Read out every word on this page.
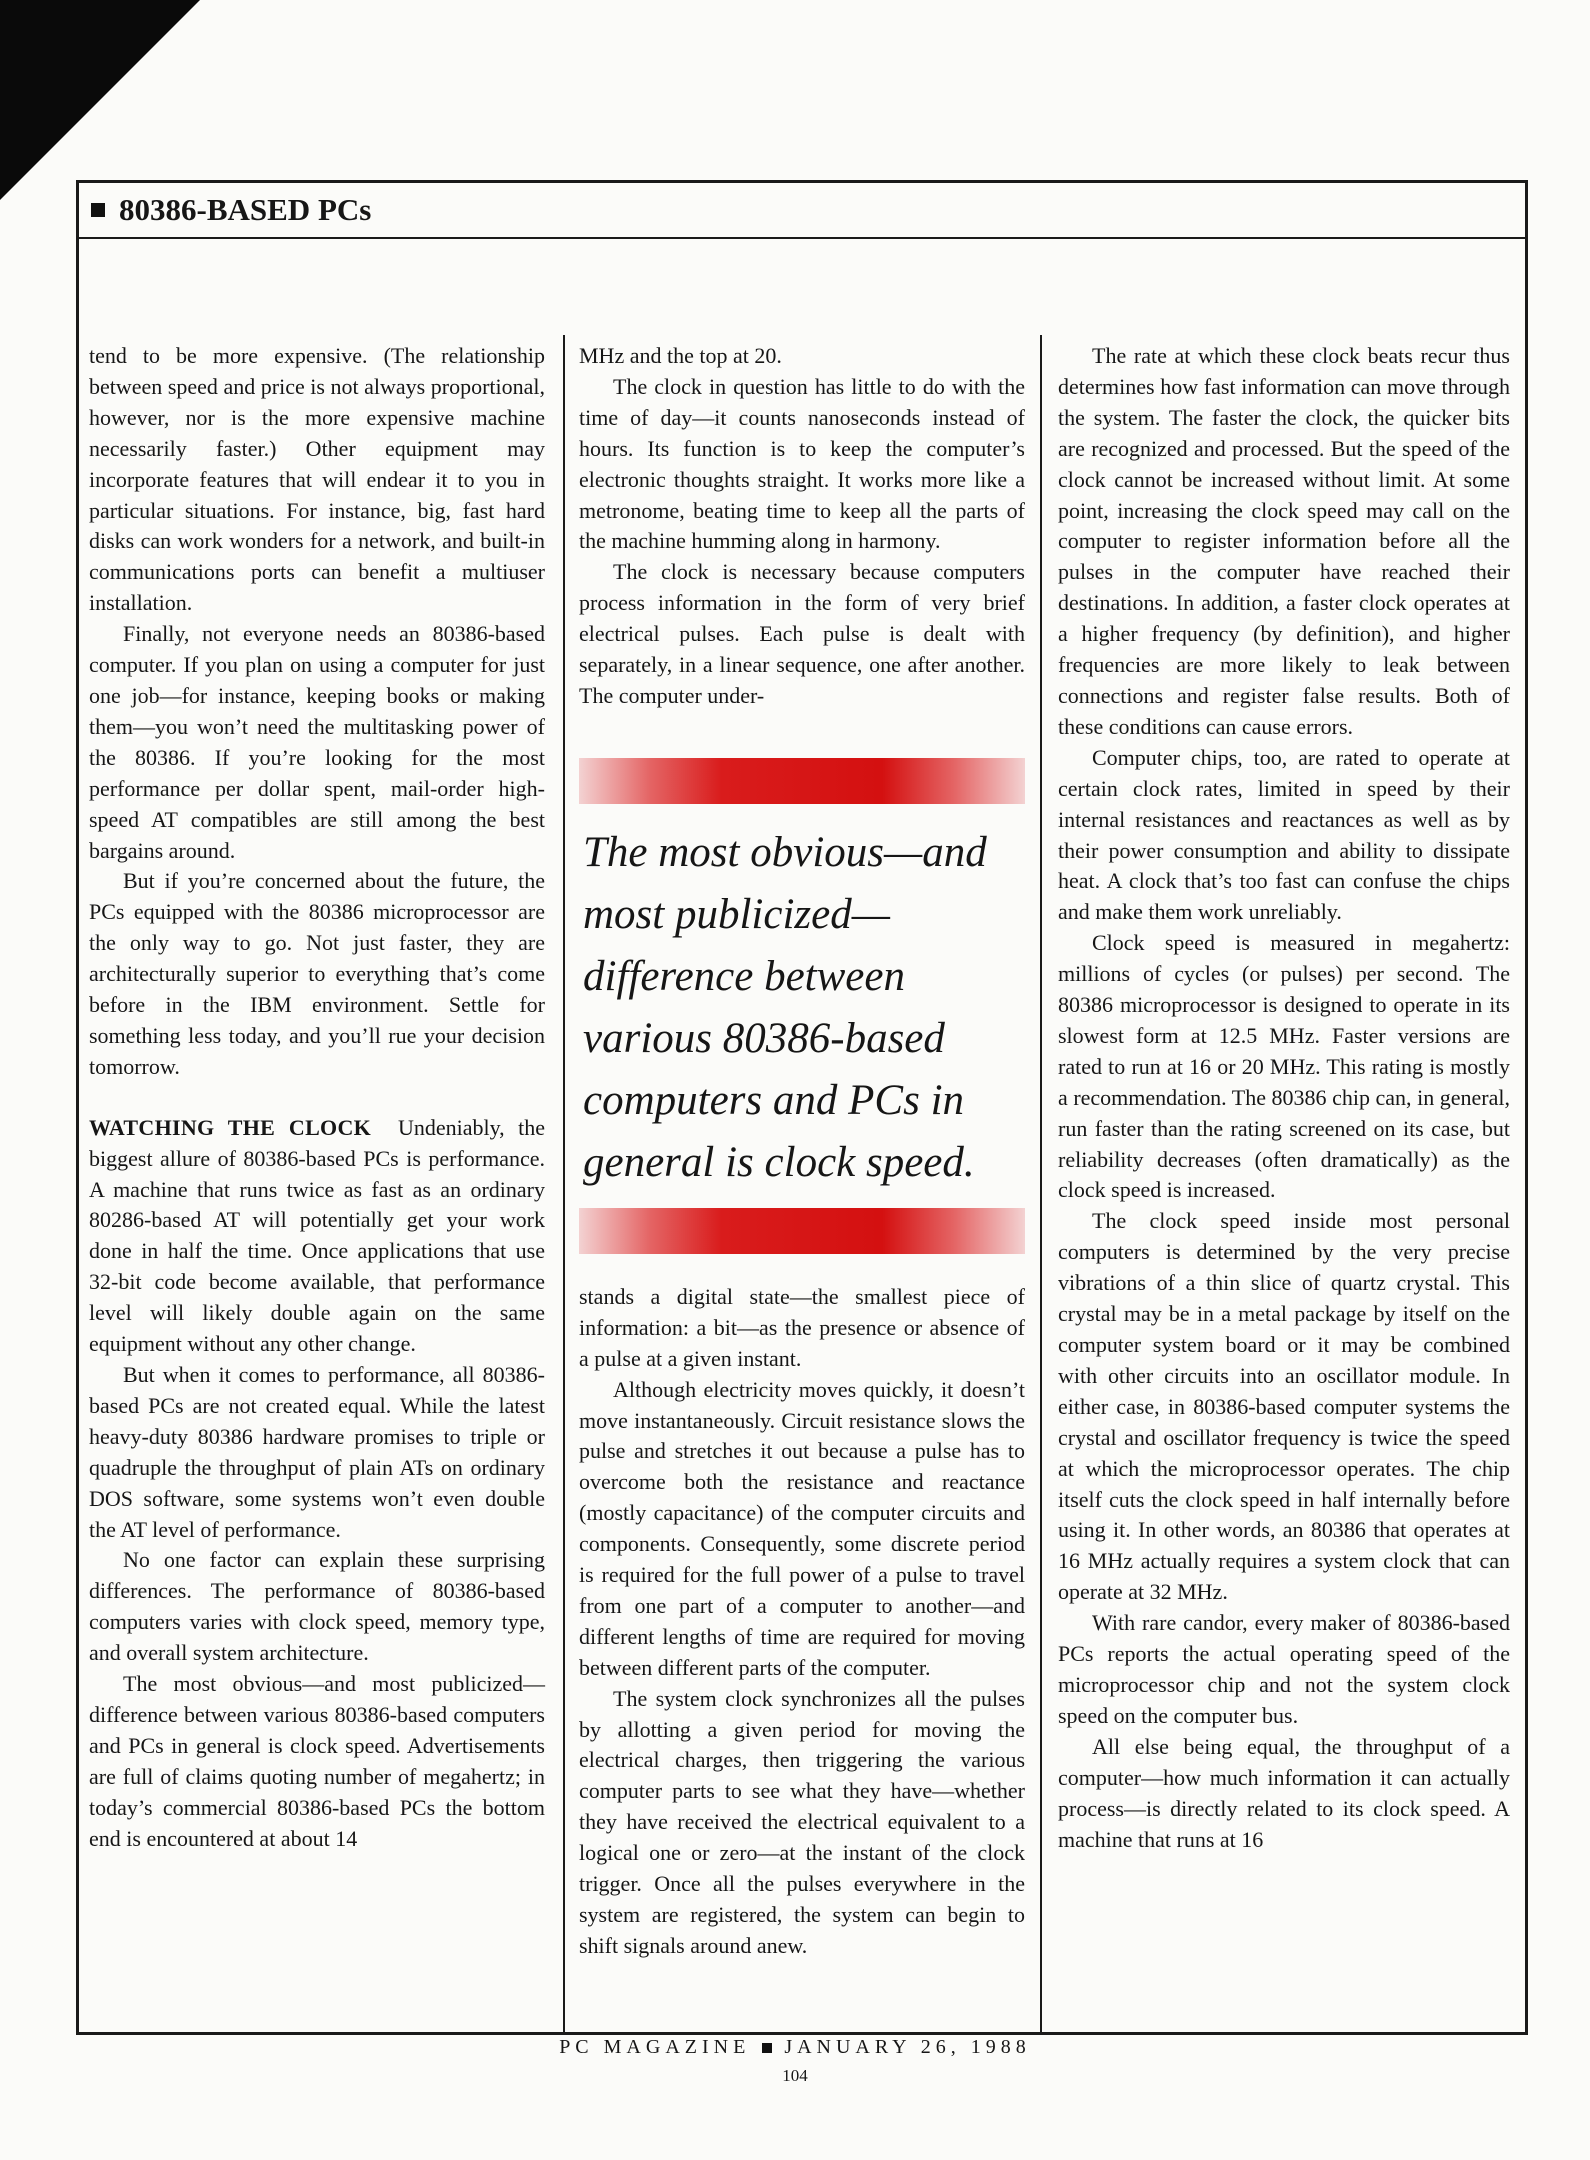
80386-BASED PCs

tend to be more expensive. (The relationship between speed and price is not always proportional, however, nor is the more expensive machine necessarily faster.) Other equipment may incorporate features that will endear it to you in particular situations. For instance, big, fast hard disks can work wonders for a network, and built-in communications ports can benefit a multiuser installation.

Finally, not everyone needs an 80386-based computer. If you plan on using a computer for just one job—for instance, keeping books or making them—you won’t need the multitasking power of the 80386. If you’re looking for the most performance per dollar spent, mail-order high-speed AT compatibles are still among the best bargains around.

But if you’re concerned about the future, the PCs equipped with the 80386 microprocessor are the only way to go. Not just faster, they are architecturally superior to everything that’s come before in the IBM environment. Settle for something less today, and you’ll rue your decision tomorrow.

WATCHING THE CLOCK Undeniably, the biggest allure of 80386-based PCs is performance. A machine that runs twice as fast as an ordinary 80286-based AT will potentially get your work done in half the time. Once applications that use 32-bit code become available, that performance level will likely double again on the same equipment without any other change.

But when it comes to performance, all 80386-based PCs are not created equal. While the latest heavy-duty 80386 hardware promises to triple or quadruple the throughput of plain ATs on ordinary DOS software, some systems won’t even double the AT level of performance.

No one factor can explain these surprising differences. The performance of 80386-based computers varies with clock speed, memory type, and overall system architecture.

The most obvious—and most publicized—difference between various 80386-based computers and PCs in general is clock speed. Advertisements are full of claims quoting number of megahertz; in today’s commercial 80386-based PCs the bottom end is encountered at about 14

MHz and the top at 20.

The clock in question has little to do with the time of day—it counts nanoseconds instead of hours. Its function is to keep the computer’s electronic thoughts straight. It works more like a metronome, beating time to keep all the parts of the machine humming along in harmony.

The clock is necessary because computers process information in the form of very brief electrical pulses. Each pulse is dealt with separately, in a linear sequence, one after another. The computer under-

The most obvious—and most publicized—difference between various 80386-based computers and PCs in general is clock speed.

stands a digital state—the smallest piece of information: a bit—as the presence or absence of a pulse at a given instant.

Although electricity moves quickly, it doesn’t move instantaneously. Circuit resistance slows the pulse and stretches it out because a pulse has to overcome both the resistance and reactance (mostly capacitance) of the computer circuits and components. Consequently, some discrete period is required for the full power of a pulse to travel from one part of a computer to another—and different lengths of time are required for moving between different parts of the computer.

The system clock synchronizes all the pulses by allotting a given period for moving the electrical charges, then triggering the various computer parts to see what they have—whether they have received the electrical equivalent to a logical one or zero—at the instant of the clock trigger. Once all the pulses everywhere in the system are registered, the system can begin to shift signals around anew.

The rate at which these clock beats recur thus determines how fast information can move through the system. The faster the clock, the quicker bits are recognized and processed. But the speed of the clock cannot be increased without limit. At some point, increasing the clock speed may call on the computer to register information before all the pulses in the computer have reached their destinations. In addition, a faster clock operates at a higher frequency (by definition), and higher frequencies are more likely to leak between connections and register false results. Both of these conditions can cause errors.

Computer chips, too, are rated to operate at certain clock rates, limited in speed by their internal resistances and reactances as well as by their power consumption and ability to dissipate heat. A clock that’s too fast can confuse the chips and make them work unreliably.

Clock speed is measured in megahertz: millions of cycles (or pulses) per second. The 80386 microprocessor is designed to operate in its slowest form at 12.5 MHz. Faster versions are rated to run at 16 or 20 MHz. This rating is mostly a recommendation. The 80386 chip can, in general, run faster than the rating screened on its case, but reliability decreases (often dramatically) as the clock speed is increased.

The clock speed inside most personal computers is determined by the very precise vibrations of a thin slice of quartz crystal. This crystal may be in a metal package by itself on the computer system board or it may be combined with other circuits into an oscillator module. In either case, in 80386-based computer systems the crystal and oscillator frequency is twice the speed at which the microprocessor operates. The chip itself cuts the clock speed in half internally before using it. In other words, an 80386 that operates at 16 MHz actually requires a system clock that can operate at 32 MHz.

With rare candor, every maker of 80386-based PCs reports the actual operating speed of the microprocessor chip and not the system clock speed on the computer bus.

All else being equal, the throughput of a computer—how much information it can actually process—is directly related to its clock speed. A machine that runs at 16

PC MAGAZINE JANUARY 26, 1988
104
